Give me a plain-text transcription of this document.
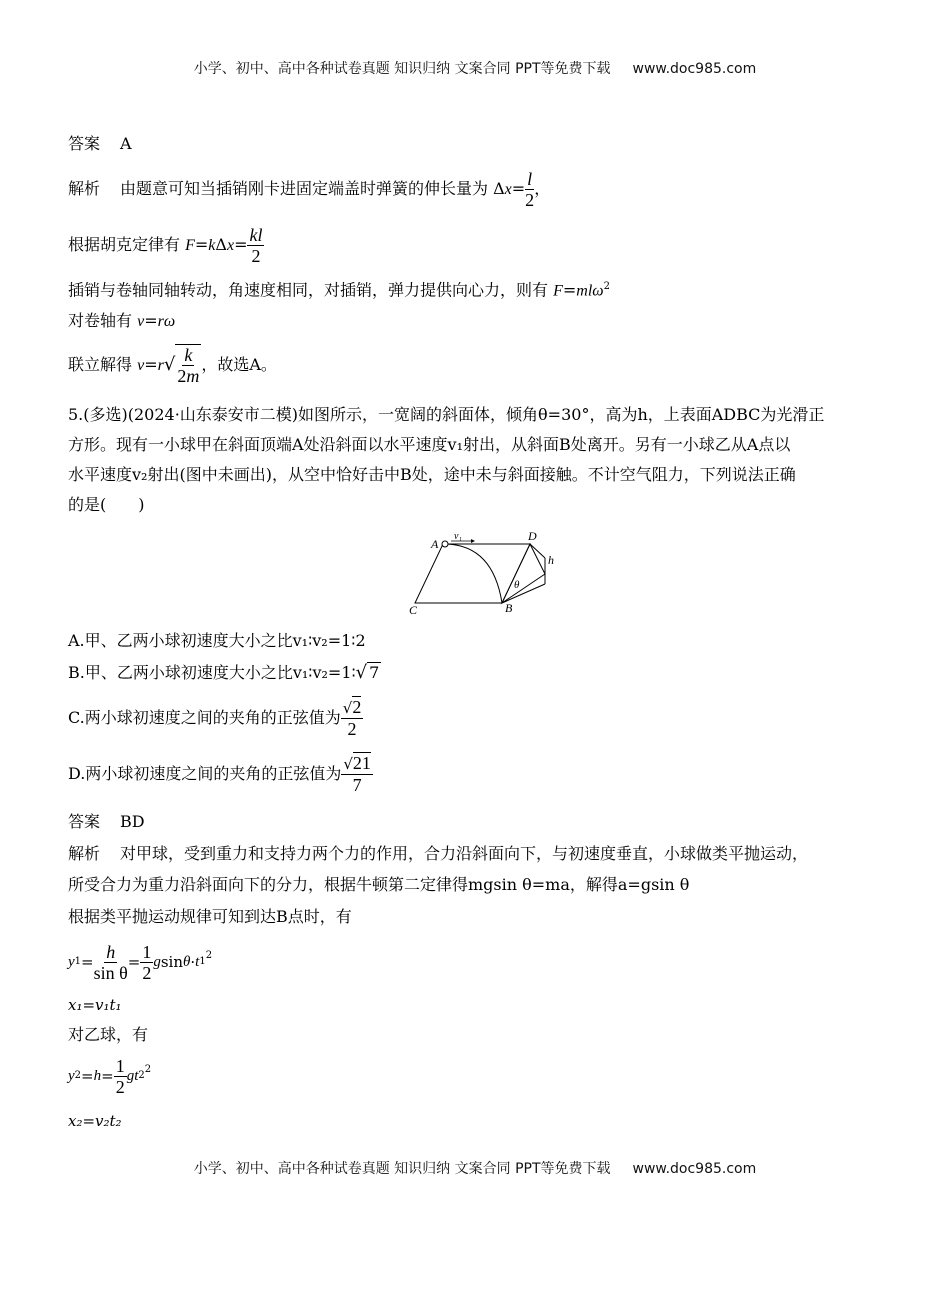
小学、初中、高中各种试卷真题 知识归纳 文案合同 PPT等免费下载 www.doc985.com
答案 A
解析	由题意可知当插销刚卡进固定端盖时弹簧的伸长量为 $\Delta x= \frac{l}{2}$ ，
根据胡克定律有 $F=k\Delta x= \frac{kl}{2}$
插销与卷轴同轴转动，角速度相同，对插销，弹力提供向心力，则有 F=mlω$^2$
对卷轴有 v=rω
联立解得 v=r √ $\frac{k}{2m}$ ，故选A。
5.(多选)(2024·山东泰安市二模)如图所示，一宽阔的斜面体，倾角θ=30°，高为h，上表面ADBC为光滑正
方形。现有一小球甲在斜面顶端A处沿斜面以水平速度v₁射出，从斜面B处离开。另有一小球乙从A点以
水平速度v₂射出(图中未画出)，从空中恰好击中B处，途中未与斜面接触。不计空气阻力，下列说法正确
的是(　　)
A
v₁	D
h
θ
C	B
A.甲、乙两小球初速度大小之比v₁∶v₂=1∶2
B.甲、乙两小球初速度大小之比v₁∶v₂=1∶√ 7
C.两小球初速度之间的夹角的正弦值为 $\frac{√2}{2}$
D.两小球初速度之间的夹角的正弦值为 $\frac{√21}{7}$
答案 BD
解析 对甲球，受到重力和支持力两个力的作用，合力沿斜面向下，与初速度垂直，小球做类平抛运动，
所受合力为重力沿斜面向下的分力，根据牛顿第二定律得mgsin θ=ma，解得a=gsin θ
根据类平抛运动规律可知到达B点时，有
y $1 = \frac{h}{\text{sin θ}} = \frac{1}{2}$ g sin θ · t 1
$^2$
x₁=v₁t₁
对乙球，有
y $2 = h = \frac{1}{2}$ gt 2
$^2$
x₂=v₂t₂
小学、初中、高中各种试卷真题 知识归纳 文案合同 PPT等免费下载 www.doc985.com
